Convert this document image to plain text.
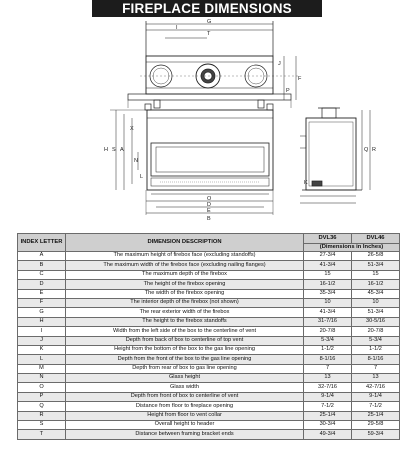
FIREPLACE DIMENSIONS
G
I
T
J
F
P
X
H S A
N
L
O
D
E
B
Q R
K
INDEX LETTER	DIMENSION DESCRIPTION	DVL36	DVL46
		(Dimensions in Inches)	
A	The maximum height of firebox face (excluding standoffs)	27-3/4	26-5/8
B	The maximum width of the firebox face (excluding nailing flanges)	41-3/4	51-3/4
C	The maximum depth of the firebox	15	15
D	The height of the firebox opening	16-1/2	16-1/2
E	The width of the firebox opening	35-3/4	45-3/4
F	The interior depth of the firebox (not shown)	10	10
G	The rear exterior width of the firebox	41-3/4	51-3/4
H	The height to the firebox standoffs	31-7/16	30-5/16
I	Width from the left side of the box to the centerline of vent	20-7/8	20-7/8
J	Depth from back of box to centerline of top vent	5-3/4	5-3/4
K	Height from the bottom of the box to the gas line opening	1-1/2	1-1/2
L	Depth from the front of the box to the gas line opening	8-1/16	8-1/16
M	Depth from rear of box to gas line opening	7	7
N	Glass height	13	13
O	Glass width	32-7/16	42-7/16
P	Depth from front of box to centerline of vent	9-1/4	9-1/4
Q	Distance from floor to fireplace opening	7-1/2	7-1/2
R	Height from floor to vent collar	25-1/4	25-1/4
S	Overall height to header	30-3/4	29-5/8
T	Distance between framing bracket ends	49-3/4	59-3/4
